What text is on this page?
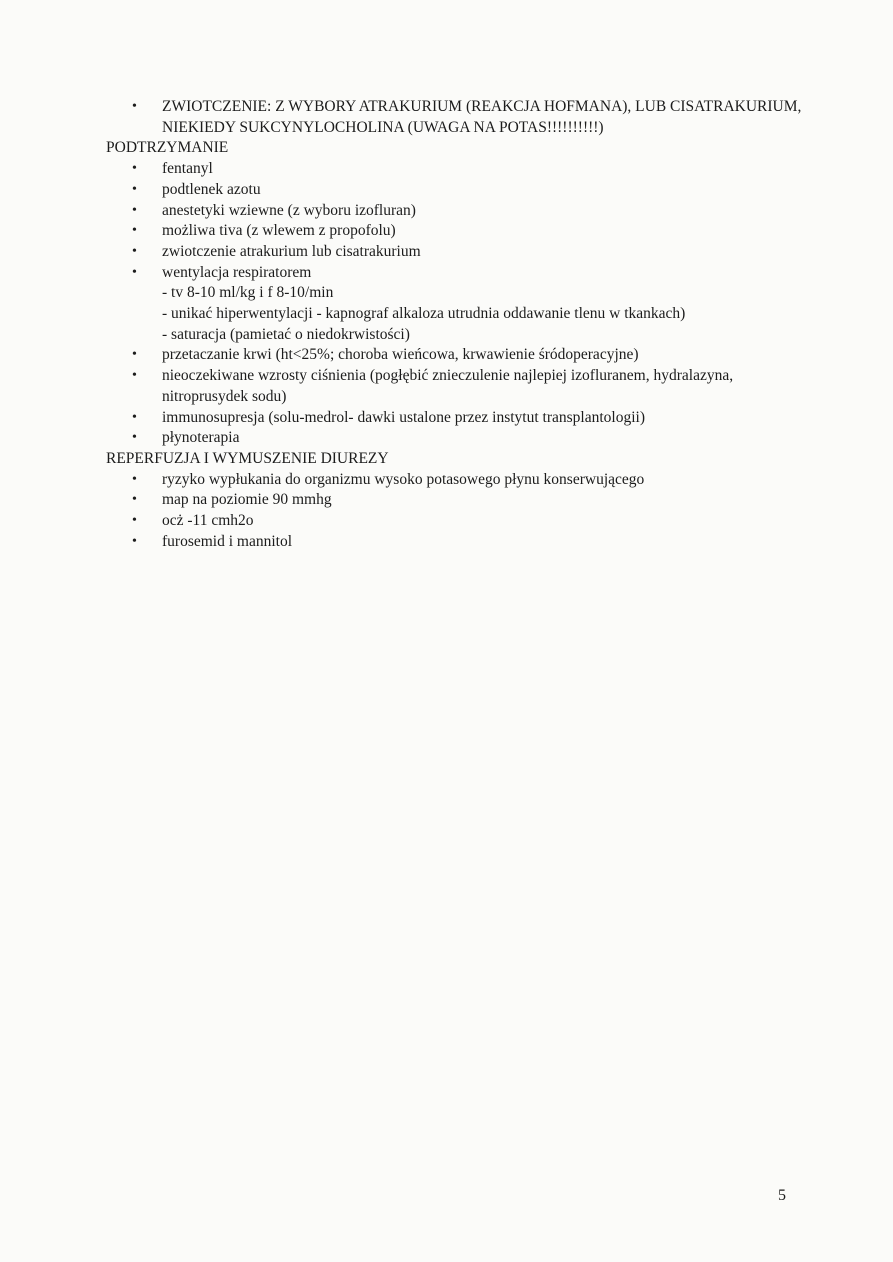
• ZWIOTCZENIE: Z WYBORY ATRAKURIUM (REAKCJA HOFMANA), LUB CISATRAKURIUM, NIEKIEDY SUKCYNYLOCHOLINA (UWAGA NA POTAS!!!!!!!!!!)
PODTRZYMANIE
• fentanyl
• podtlenek azotu
• anestetyki wziewne (z wyboru izofluran)
• możliwa tiva (z wlewem z propofolu)
• zwiotczenie atrakurium lub cisatrakurium
• wentylacja respiratorem
- tv 8-10 ml/kg i f 8-10/min
- unikać hiperwentylacji - kapnograf alkaloza utrudnia oddawanie tlenu w tkankach)
- saturacja (pamietać o niedokrwistości)
• przetaczanie krwi (ht<25%; choroba wieńcowa, krwawienie śródoperacyjne)
• nieoczekiwane wzrosty ciśnienia (pogłębić znieczulenie najlepiej izofluranem, hydralazyna, nitroprusydek sodu)
• immunosupresja (solu-medrol- dawki ustalone przez instytut transplantologii)
• płynoterapia
REPERFUZJA I WYMUSZENIE DIUREZY
• ryzyko wypłukania do organizmu wysoko potasowego płynu konserwującego
• map na poziomie 90 mmhg
• ocż -11 cmh2o
• furosemid i mannitol
5
